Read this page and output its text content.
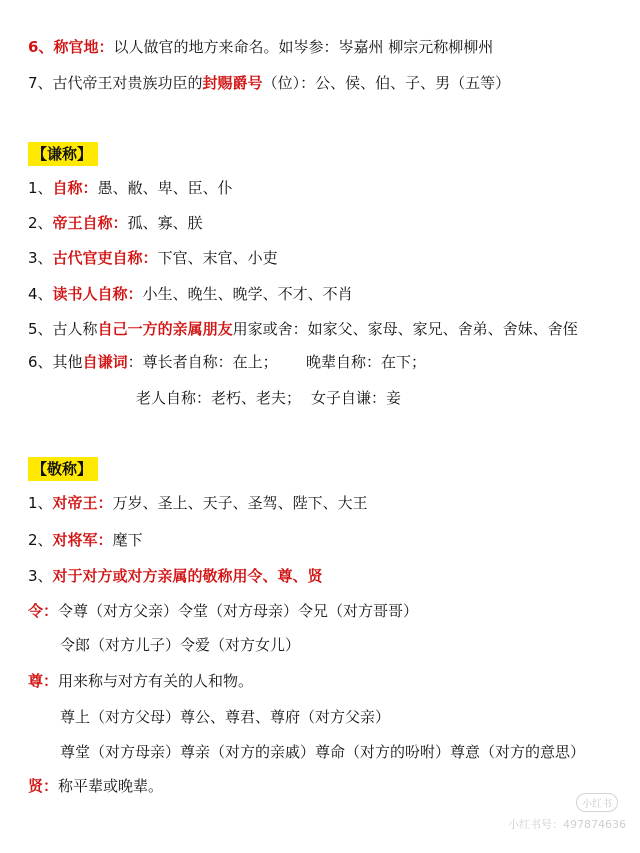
6、称官地：以人做官的地方来命名。如岑参：岑嘉州 柳宗元称柳柳州
7、古代帝王对贵族功臣的封赐爵号（位）：公、侯、伯、子、男（五等）
【谦称】
1、自称：愚、敝、卑、臣、仆
2、帝王自称：孤、寡、朕
3、古代官吏自称：下官、末官、小吏
4、读书人自称：小生、晚生、晚学、不才、不肖
5、古人称自己一方的亲属朋友用家或舍：如家父、家母、家兄、舍弟、舍妹、舍侄
6、其他自谦词：尊长者自称：在上； 晚辈自称：在下；
老人自称：老朽、老夫； 女子自谦：妾
【敬称】
1、对帝王：万岁、圣上、天子、圣驾、陛下、大王
2、对将军：麾下
3、对于对方或对方亲属的敬称用令、尊、贤
令：令尊（对方父亲）令堂（对方母亲）令兄（对方哥哥）
令郎（对方儿子）令爱（对方女儿）
尊：用来称与对方有关的人和物。
尊上（对方父母）尊公、尊君、尊府（对方父亲）
尊堂（对方母亲）尊亲（对方的亲戚）尊命（对方的吩咐）尊意（对方的意思）
贤：称平辈或晚辈。
小红书
小红书号：497874636
